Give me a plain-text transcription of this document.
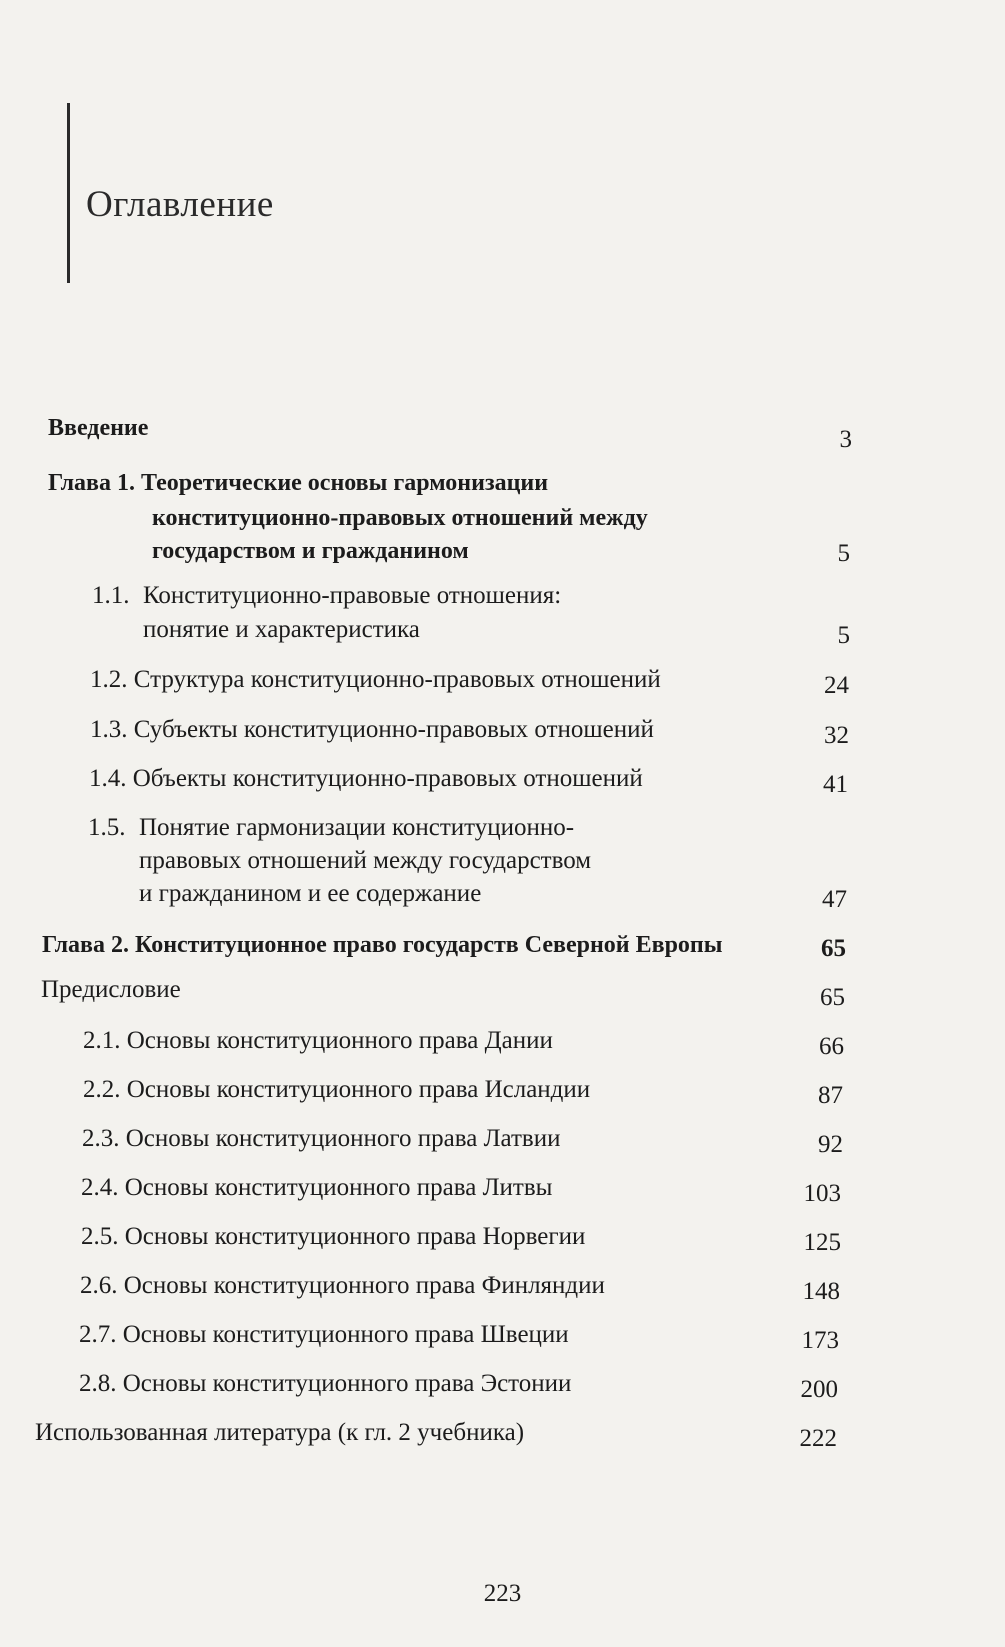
Оглавление
Введение	3
Глава 1. Теоретические основы гармонизации
конституционно-правовых отношений между
государством и гражданином	5
1.1. Конституционно-правовые отношения:
понятие и характеристика	5
1.2. Структура конституционно-правовых отношений	24
1.3. Субъекты конституционно-правовых отношений	32
1.4. Объекты конституционно-правовых отношений	41
1.5. Понятие гармонизации конституционно-
правовых отношений между государством
и гражданином и ее содержание	47
Глава 2. Конституционное право государств Северной Европы	65
Предисловие	65
2.1. Основы конституционного права Дании	66
2.2. Основы конституционного права Исландии	87
2.3. Основы конституционного права Латвии	92
2.4. Основы конституционного права Литвы	103
2.5. Основы конституционного права Норвегии	125
2.6. Основы конституционного права Финляндии	148
2.7. Основы конституционного права Швеции	173
2.8. Основы конституционного права Эстонии	200
Использованная литература (к гл. 2 учебника)	222
223
